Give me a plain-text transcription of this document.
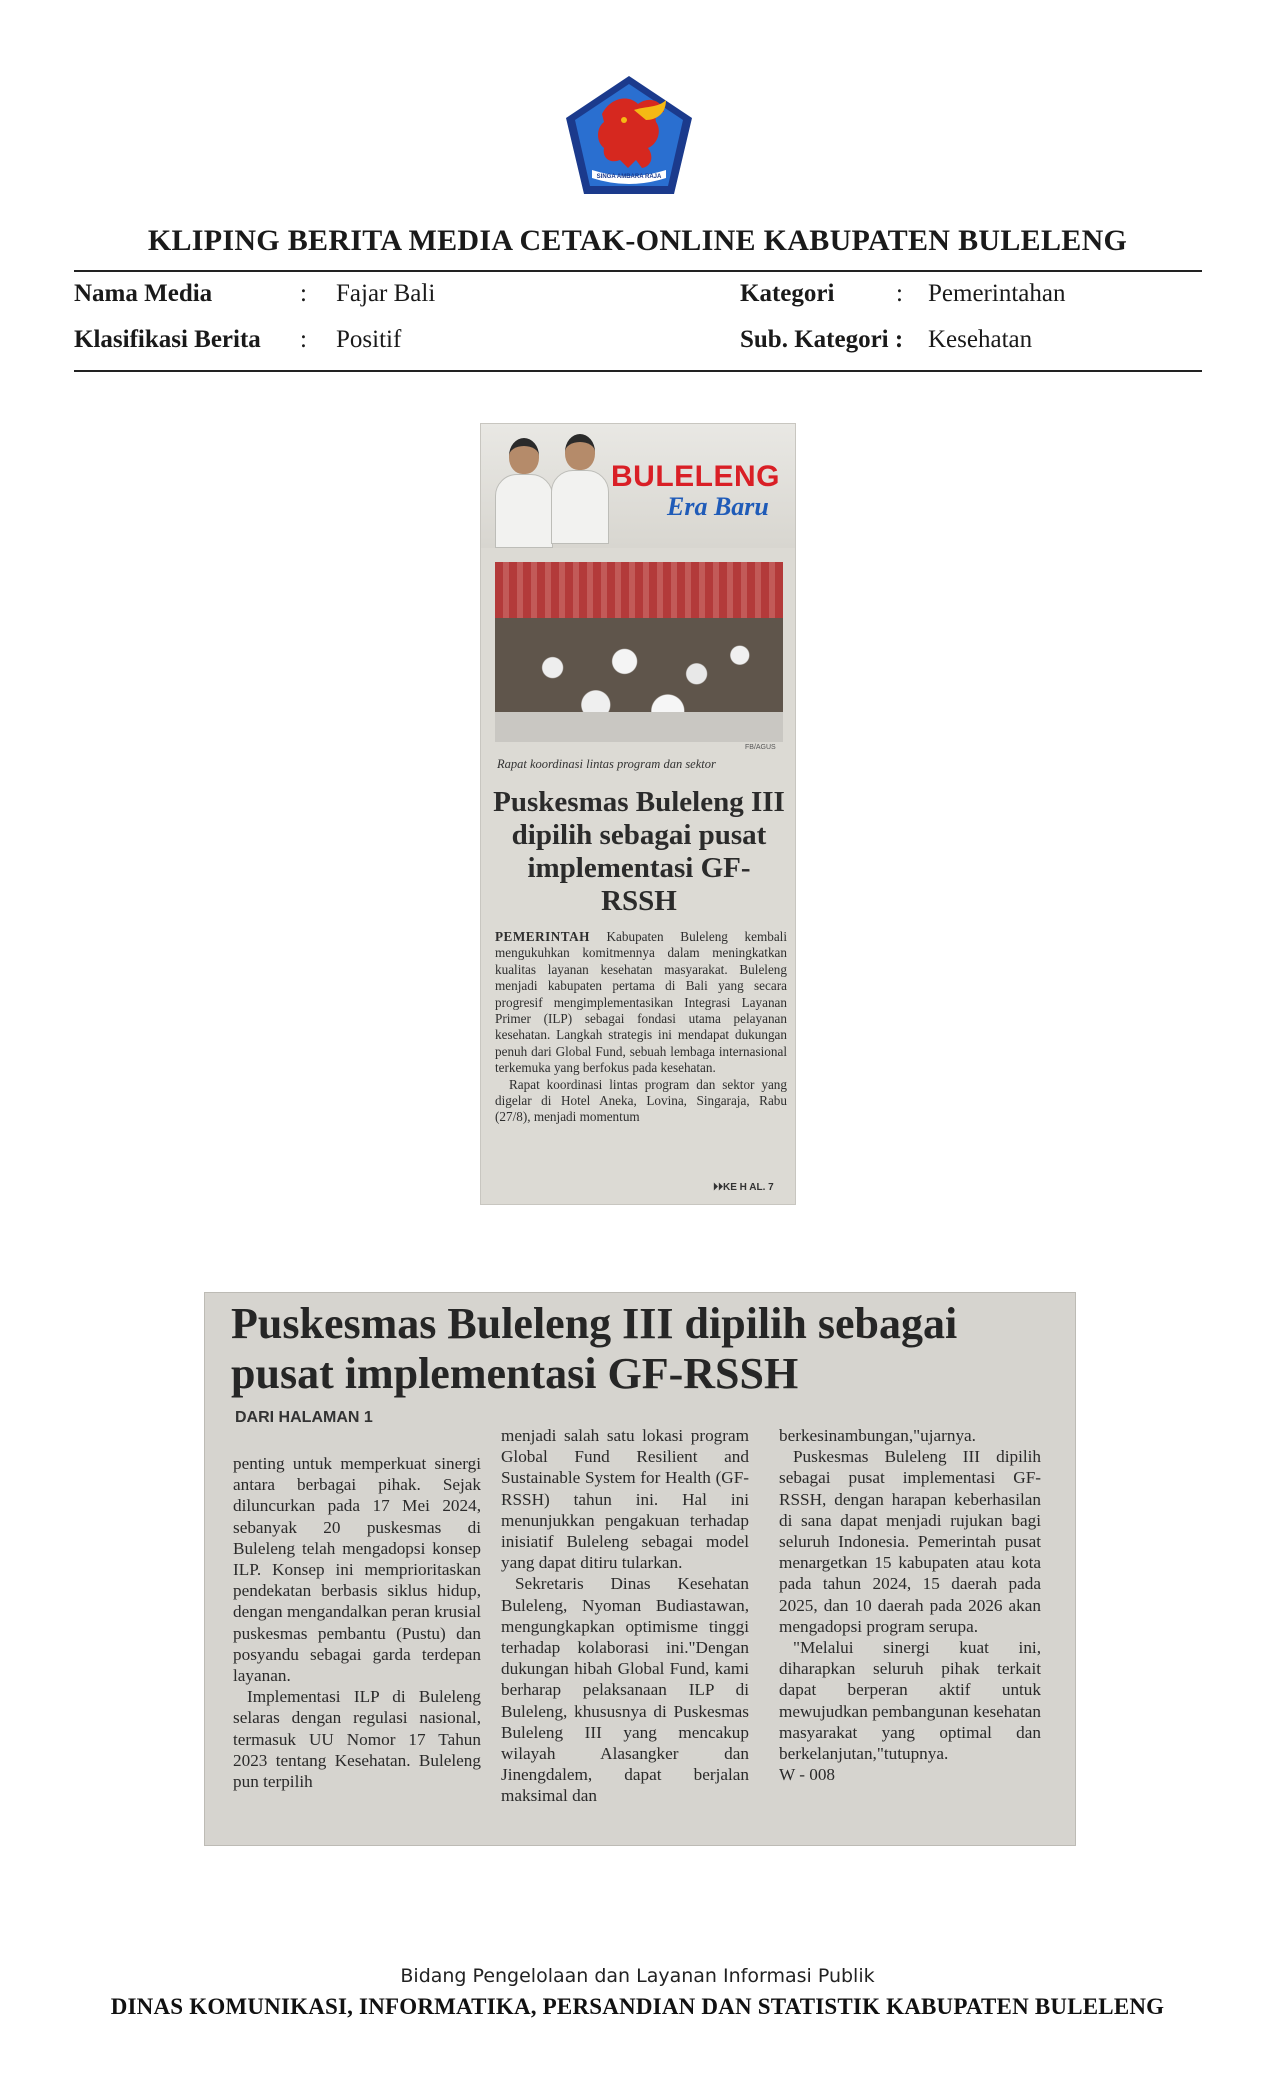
SINGA AMBARA RAJA
KLIPING BERITA MEDIA CETAK-ONLINE KABUPATEN BULELENG
Nama Media	: Fajar Bali
Klasifikasi Berita : Positif
Kategori : Pemerintahan
Sub. Kategori : Kesehatan
BULELENG
Era Baru
FB/AGUS
Rapat koordinasi lintas program dan sektor
Puskesmas Buleleng III dipilih sebagai pusat implementasi GF-RSSH

PEMERINTAH Kabupaten Buleleng kembali mengukuhkan komitmennya dalam meningkatkan kualitas layanan kesehatan masyarakat. Buleleng menjadi kabupaten pertama di Bali yang secara progresif mengimplementasikan Integrasi Layanan Primer (ILP) sebagai fondasi utama pelayanan kesehatan. Langkah strategis ini mendapat dukungan penuh dari Global Fund, sebuah lembaga internasional terkemuka yang berfokus pada kesehatan.

Rapat koordinasi lintas program dan sektor yang digelar di Hotel Aneka, Lovina, Singaraja, Rabu (27/8), menjadi momentum

⏵⏵KE H AL. 7
Puskesmas Buleleng III dipilih sebagai pusat implementasi GF-RSSH
DARI HALAMAN 1

penting untuk memperkuat sinergi antara berbagai pihak. Sejak diluncurkan pada 17 Mei 2024, sebanyak 20 puskesmas di Buleleng telah mengadopsi konsep ILP. Konsep ini memprioritaskan pendekatan berbasis siklus hidup, dengan mengandalkan peran krusial puskesmas pembantu (Pustu) dan posyandu sebagai garda terdepan layanan.

Implementasi ILP di Buleleng selaras dengan regulasi nasional, termasuk UU Nomor 17 Tahun 2023 tentang Kesehatan. Buleleng pun terpilih

menjadi salah satu lokasi program Global Fund Resilient and Sustainable System for Health (GF-RSSH) tahun ini. Hal ini menunjukkan pengakuan terhadap inisiatif Buleleng sebagai model yang dapat ditiru tularkan.

Sekretaris Dinas Kesehatan Buleleng, Nyoman Budiastawan, mengungkapkan optimisme tinggi terhadap kolaborasi ini."Dengan dukungan hibah Global Fund, kami berharap pelaksanaan ILP di Buleleng, khususnya di Puskesmas Buleleng III yang mencakup wilayah Alasangker dan Jinengdalem, dapat berjalan maksimal dan

berkesinambungan,"ujarnya.

Puskesmas Buleleng III dipilih sebagai pusat implementasi GF-RSSH, dengan harapan keberhasilan di sana dapat menjadi rujukan bagi seluruh Indonesia. Pemerintah pusat menargetkan 15 kabupaten atau kota pada tahun 2024, 15 daerah pada 2025, dan 10 daerah pada 2026 akan mengadopsi program serupa.

"Melalui sinergi kuat ini, diharapkan seluruh pihak terkait dapat berperan aktif untuk mewujudkan pembangunan kesehatan masyarakat yang optimal dan berkelanjutan,"tutupnya.

W - 008

Bidang Pengelolaan dan Layanan Informasi Publik
DINAS KOMUNIKASI, INFORMATIKA, PERSANDIAN DAN STATISTIK KABUPATEN BULELENG
